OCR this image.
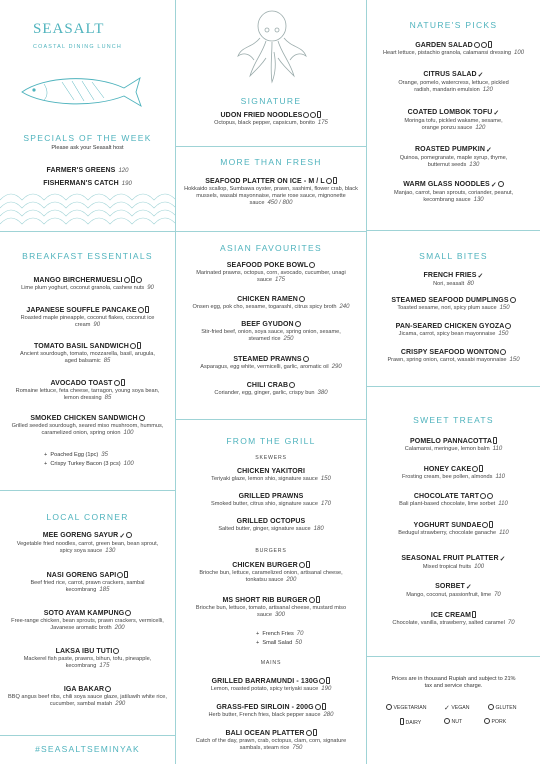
SEASALT
COASTAL DINING LUNCH
SPECIALS OF THE WEEK
Please ask your Seasalt host
FARMER'S GREENS 120
FISHERMAN'S CATCH 190
BREAKFAST ESSENTIALS
MANGO BIRCHERMUESLI
Lime plum yoghurt, coconut granola, cashew nuts 90
JAPANESE SOUFFLE PANCAKE
Roasted maple pineapple, coconut flakes, coconut ice cream 90
TOMATO BASIL SANDWICH
Ancient sourdough, tomato, mozzarella, basil, arugula, aged balsamic 85
AVOCADO TOAST
Romaine lettuce, feta cheese, tarragon, young soya bean, lemon dressing 85
SMOKED CHICKEN SANDWICH
Grilled seeded sourdough, seared miso mushroom, hummus, caramelized onion, spring onion 100
+  Poached Egg (1pc) 35
+  Crispy Turkey Bacon (3 pcs) 100
LOCAL CORNER
MEE GORENG SAYUR✓
Vegetable fried noodles, carrot, green bean, bean sprout, spicy soya sauce 130
NASI GORENG SAPI
Beef fried rice, carrot, prawn crackers, sambal kecombrang 185
SOTO AYAM KAMPUNG
Free-range chicken, bean sprouts, prawn crackers, vermicelli, Javanese aromatic broth 200
LAKSA IBU TUTI
Mackerel fish paste, prawns, bihun, tofu, pineapple, kecombrang 175
IGA BAKAR
BBQ angus beef ribs, chili soya sauce glaze, jatiluwih white rice, cucumber, sambal matah 290
#SEASALTSEMINYAK
SIGNATURE
UDON FRIED NOODLES
Octopus, black pepper, capsicum, bonito 175
MORE THAN FRESH
SEAFOOD PLATTER ON ICE - M / L
Hokkaido scallop, Sumbawa oyster, prawn, sashimi, flower crab, black mussels, wasabi mayonnaise, marie rose sauce, mignonette sauce 450 / 800
ASIAN FAVOURITES
SEAFOOD POKE BOWL
Marinated prawns, octopus, corn, avocado, cucumber, unagi sauce 175
CHICKEN RAMEN
Onsen egg, pok cho, sesame, togarashi, citrus spicy broth 240
BEEF GYUDON
Stir-fried beef, onion, soya sauce, spring onion, sesame, steamed rice 250
STEAMED PRAWNS
Asparagus, egg white, vermicelli, garlic, aromatic oil 290
CHILI CRAB
Coriander, egg, ginger, garlic, crispy bun 380
FROM THE GRILL
SKEWERS
CHICKEN YAKITORI
Teriyaki glaze, lemon shio, signature sauce 150
GRILLED PRAWNS
Smoked butter, citrus shio, signature sauce 170
GRILLED OCTOPUS
Salted butter, ginger, signature sauce 180
BURGERS
CHICKEN BURGER
Brioche bun, lettuce, caramelized onion, artisanal cheese, tonkatsu sauce 200
MS SHORT RIB BURGER
Brioche bun, lettuce, tomato, artisanal cheese, mustard miso sauce 300
+  French Fries 70
+  Small Salad 50
MAINS
GRILLED BARRAMUNDI - 130G
Lemon, roasted potato, spicy teriyaki sauce 190
GRASS-FED SIRLOIN - 200G
Herb butter, French fries, black pepper sauce 280
BALI OCEAN PLATTER
Catch of the day, prawn, crab, octopus, clam, corn, signature sambals, steam rice 750
NATURE'S PICKS
GARDEN SALAD
Heart lettuce, pistachio granola, calamansi dressing 100
CITRUS SALAD✓
Orange, pomelo, watercress, lettuce, pickled radish, mandarin emulsion 120
COATED LOMBOK TOFU✓
Moringa tofu, pickled wakame, sesame, orange ponzu sauce 120
ROASTED PUMPKIN✓
Quinoa, pomegranate, maple syrup, thyme, butternut seeds 130
WARM GLASS NOODLES✓
Manjao, carrot, bean sprouts, coriander, peanut, kecombrang sauce 130
SMALL BITES
FRENCH FRIES✓
Nori, seasalt 80
STEAMED SEAFOOD DUMPLINGS
Toasted sesame, nori, spicy plum sauce 150
PAN-SEARED CHICKEN GYOZA
Jicama, carrot, spicy bean mayonnaise 150
CRISPY SEAFOOD WONTON
Prawn, spring onion, carrot, wasabi mayonnaise 150
SWEET TREATS
POMELO PANNACOTTA
Calamansi, meringue, lemon balm 110
HONEY CAKE
Frosting cream, bee pollen, almonds 110
CHOCOLATE TART
Bali plant-based chocolate, lime sorbet 110
YOGHURT SUNDAE
Bedugul strawberry, chocolate ganache 110
SEASONAL FRUIT PLATTER✓
Mixed tropical fruits 100
SORBET✓
Mango, coconut, passionfruit, lime 70
ICE CREAM
Chocolate, vanilla, strawberry, salted caramel 70
Prices are in thousand Rupiah and subject to 21% tax and service charge.
VEGETARIAN ✓ VEGAN	GLUTEN
DAIRY	NUT	PORK
